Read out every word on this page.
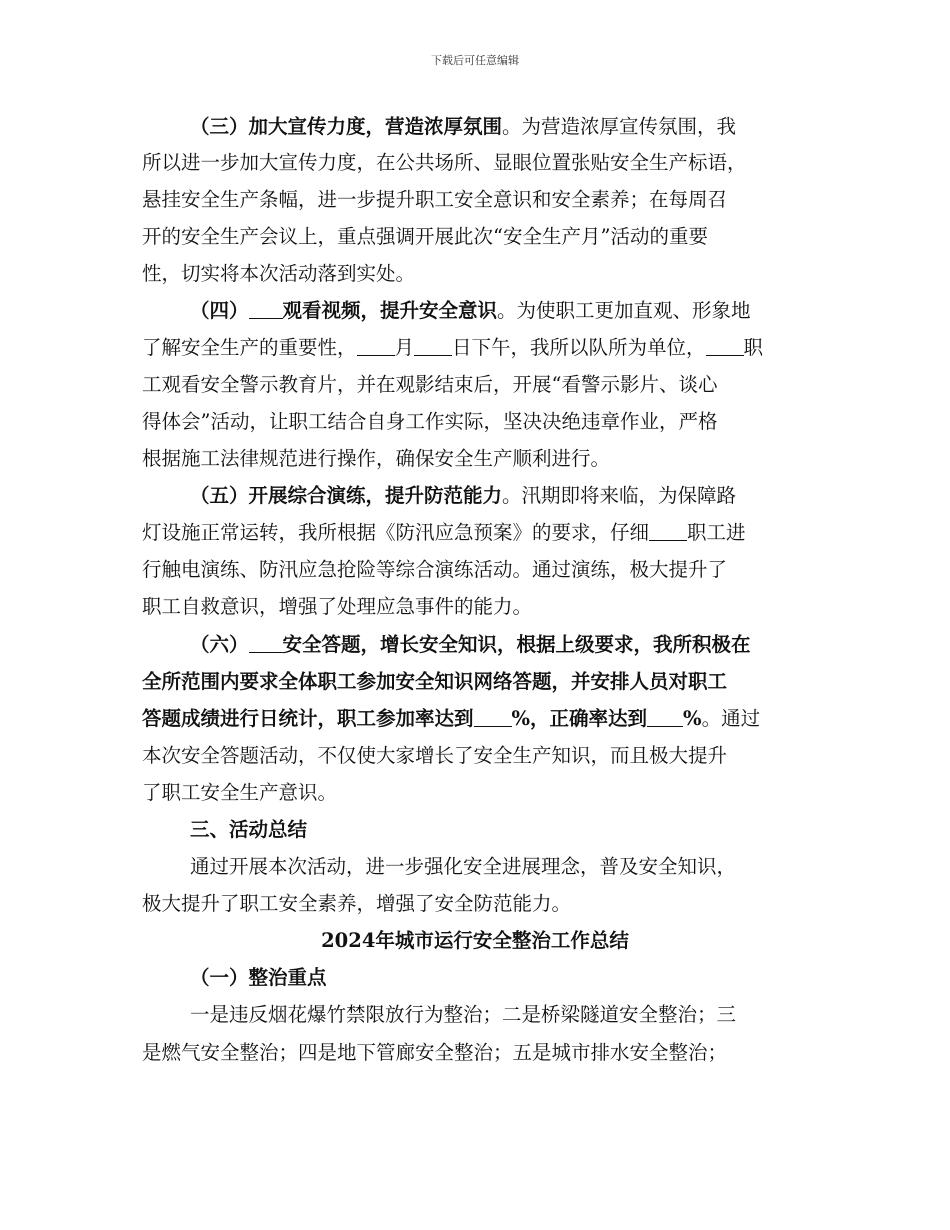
下载后可任意编辑
（三）加大宣传力度，营造浓厚氛围。为营造浓厚宣传氛围，我
所以进一步加大宣传力度，在公共场所、显眼位置张贴安全生产标语，
悬挂安全生产条幅，进一步提升职工安全意识和安全素养；在每周召
开的安全生产会议上，重点强调开展此次“安全生产月”活动的重要
性，切实将本次活动落到实处。
（四） 观看视频，提升安全意识。为使职工更加直观、形象地
了解安全生产的重要性， 月 日下午，我所以队所为单位， 职
工观看安全警示教育片，并在观影结束后，开展“看警示影片、谈心
得体会”活动，让职工结合自身工作实际，坚决决绝违章作业，严格
根据施工法律规范进行操作，确保安全生产顺利进行。
（五）开展综合演练，提升防范能力。汛期即将来临，为保障路
灯设施正常运转，我所根据《防汛应急预案》的要求，仔细 职工进
行触电演练、防汛应急抢险等综合演练活动。通过演练，极大提升了
职工自救意识，增强了处理应急事件的能力。
（六） 安全答题，增长安全知识，根据上级要求，我所积极在
全所范围内要求全体职工参加安全知识网络答题，并安排人员对职工
答题成绩进行日统计，职工参加率达到 %，正确率达到 %。通过
本次安全答题活动，不仅使大家增长了安全生产知识，而且极大提升
了职工安全生产意识。
三、活动总结
通过开展本次活动，进一步强化安全进展理念，普及安全知识，
极大提升了职工安全素养，增强了安全防范能力。
2024年城市运行安全整治工作总结
（一）整治重点
一是违反烟花爆竹禁限放行为整治；二是桥梁隧道安全整治；三
是燃气安全整治；四是地下管廊安全整治；五是城市排水安全整治；
